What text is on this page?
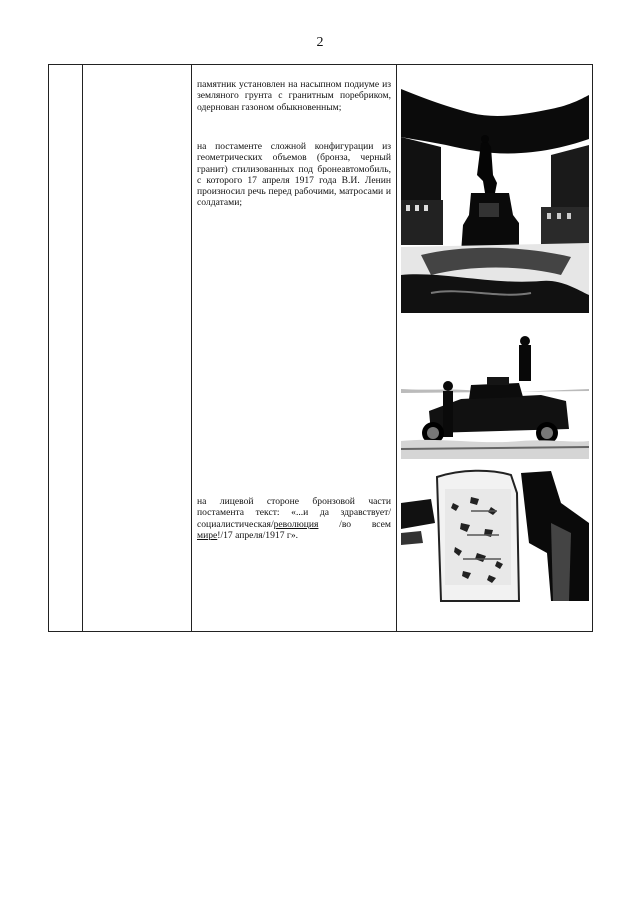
2
памятник установлен на насыпном подиуме из земляного грунта с гранитным поребриком, одернован газоном обыкновенным;
на постаменте сложной конфигурации из геометрических объемов (бронза, черный гранит) стилизованных под бронеавтомобиль, с которого 17 апреля 1917 года В.И. Ленин произносил речь перед рабочими, матросами и солдатами;
на лицевой стороне бронзовой части постамента текст: «...и да здравствует/социалистическая/революция /во всем мире!/17 апреля/1917 г».
